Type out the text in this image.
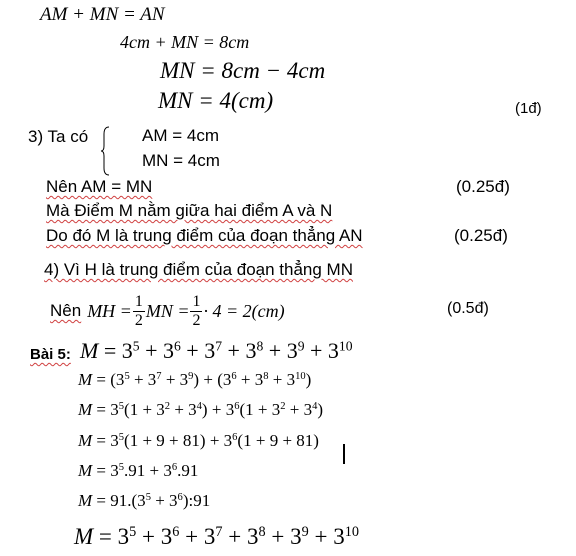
AM + MN = AN
4cm + MN = 8cm
MN = 8cm − 4cm
MN = 4(cm)	(1đ)
3) Ta có	AM = 4cm
MN = 4cm
Nên AM = MN	(0.25đ)
Mà Điểm M nằm giữa hai điểm A và N
Do đó M là trung điểm của đoạn thẳng AN	(0.25đ)
4) Vì H là trung điểm của đoạn thẳng MN
Nên MH = $\frac{1}{2}$ MN = $\frac{1}{2} \cdot 4 = 2(cm)$	(0.5đ)
Bài 5: $M = 3^5 + 3^6 + 3^7 + 3^8 + 3^9 + 3^{10}$
$M = (3^5 + 3^7 + 3^9) + (3^6 + 3^8 + 3^{10})$
$M = 3^5(1 + 3^2 + 3^4) + 3^6(1 + 3^2 + 3^4)$
$M = 3^5(1 + 9 + 81) + 3^6(1 + 9 + 81)$
$M = 3^5.91 + 3^6.91$
$M = 91.(3^5$ + $3^6):91$
$M = 3^5 + 3^6 + 3^7 + 3^8 + 3^9 + 3^{10}$
